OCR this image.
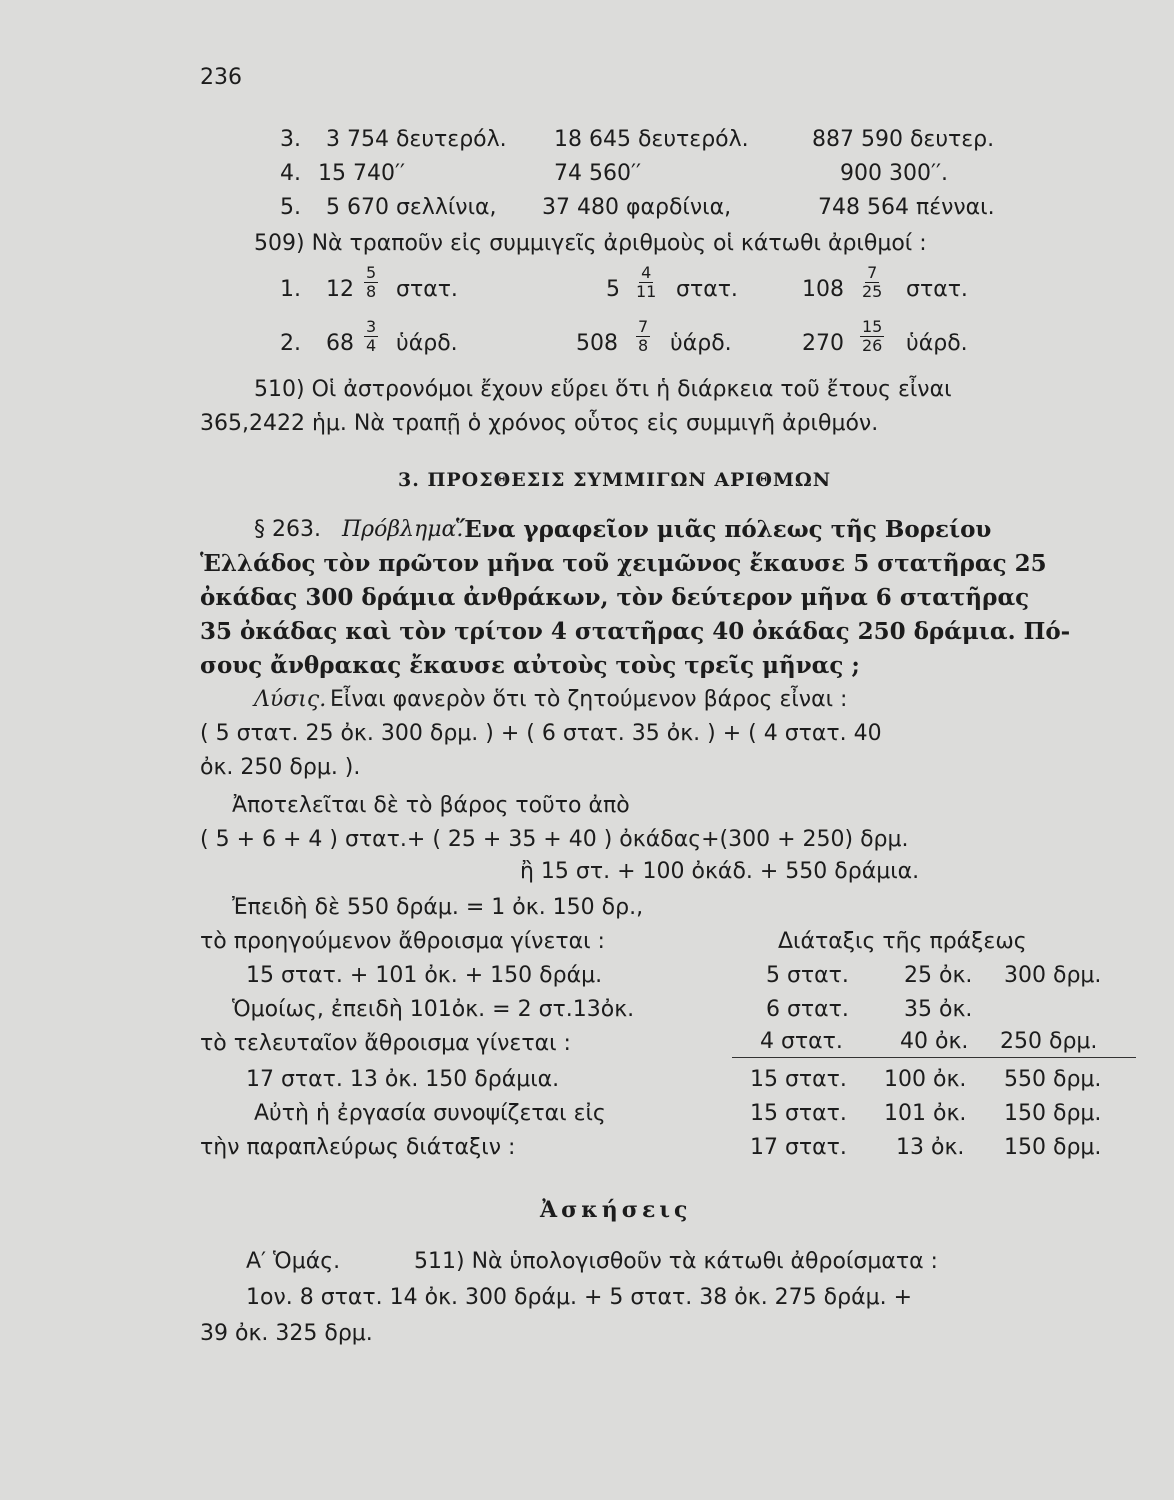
236
3. 3 754 δευτερόλ. 18 645 δευτερόλ.	887 590 δευτερ.
4. 15 740′′	74 560′′	900 300′′.
5. 5 670 σελλίνια, 37 480 φαρδίνια,	748 564 πένναι.
509) Νὰ τραποῦν εἰς συμμιγεῖς ἀριθμοὺς οἱ κάτωθι ἀριθμοί :
1. $12 \frac{5}{8} \sigma\tau\alpha\tau$.	$5 \frac{4}{11} \sigma\tau\alpha\tau$.	$108 \frac{7}{25} \sigma\tau\alpha\tau$.
2. $68 \frac{3}{4}$ ὑάρδ.	$508 \frac{7}{8}$ ὑάρδ.	$270 \frac{15}{26}$ ὑάρδ.
510) Οἱ ἀστρονόμοι ἔχουν εὕρει ὅτι ἡ διάρκεια τοῦ ἔτους εἶναι
365,2422 ἡμ. Νὰ τραπῇ ὁ χρόνος οὗτος εἰς συμμιγῆ ἀριθμόν.
3. ΠΡΟΣΘΕΣΙΣ ΣΥΜΜΙΓΩΝ ΑΡΙΘΜΩΝ
§ 263. Πρόβλημα.
Ἕνα γραφεῖον μιᾶς πόλεως τῆς Βορείου
Ἑλλάδος τὸν πρῶτον μῆνα τοῦ χειμῶνος ἔκαυσε 5 στατῆρας 25
ὀκάδας 300 δράμια ἀνθράκων, τὸν δεύτερον μῆνα 6 στατῆρας
35 ὀκάδας καὶ τὸν τρίτον 4 στατῆρας 40 ὀκάδας 250 δράμια. Πό-
σους ἄνθρακας ἔκαυσε αὐτοὺς τοὺς τρεῖς μῆνας ;
Λύσις. Εἶναι φανερὸν ὅτι τὸ ζητούμενον βάρος εἶναι :
( 5 στατ. 25 ὀκ. 300 δρμ. ) + ( 6 στατ. 35 ὀκ. ) + ( 4 στατ. 40
ὀκ. 250 δρμ. ).
Ἀποτελεῖται δὲ τὸ βάρος τοῦτο ἀπὸ
( 5 + 6 + 4 ) στατ.+ ( 25 + 35 + 40 ) ὀκάδας+(300 + 250) δρμ.
ἢ 15 στ. + 100 ὀκάδ. + 550 δράμια.
Ἐπειδὴ δὲ 550 δράμ. = 1 ὀκ. 150 δρ.,
τὸ προηγούμενον ἄθροισμα γίνεται :
15 στατ. + 101 ὀκ. + 150 δράμ.
Ὁμοίως, ἐπειδὴ 101ὀκ. = 2 στ.13ὀκ.
τὸ τελευταῖον ἄθροισμα γίνεται :
17 στατ. 13 ὀκ. 150 δράμια.
Αὐτὴ ἡ ἐργασία συνοψίζεται εἰς
τὴν παραπλεύρως διάταξιν :
Διάταξις τῆς πράξεως
5 στατ.	25 ὀκ. 300 δρμ.
6 στατ.	35 ὀκ.
4 στατ.	40 ὀκ. 250 δρμ.
15 στατ. 100 ὀκ. 550 δρμ.
15 στατ. 101 ὀκ. 150 δρμ.
17 στατ. 13 ὀκ. 150 δρμ.
Ἀσκήσεις
Α′ Ὁμάς.	511) Νὰ ὑπολογισθοῦν τὰ κάτωθι ἀθροίσματα :
1ον. 8 στατ. 14 ὀκ. 300 δράμ. + 5 στατ. 38 ὀκ. 275 δράμ. +
39 ὀκ. 325 δρμ.
